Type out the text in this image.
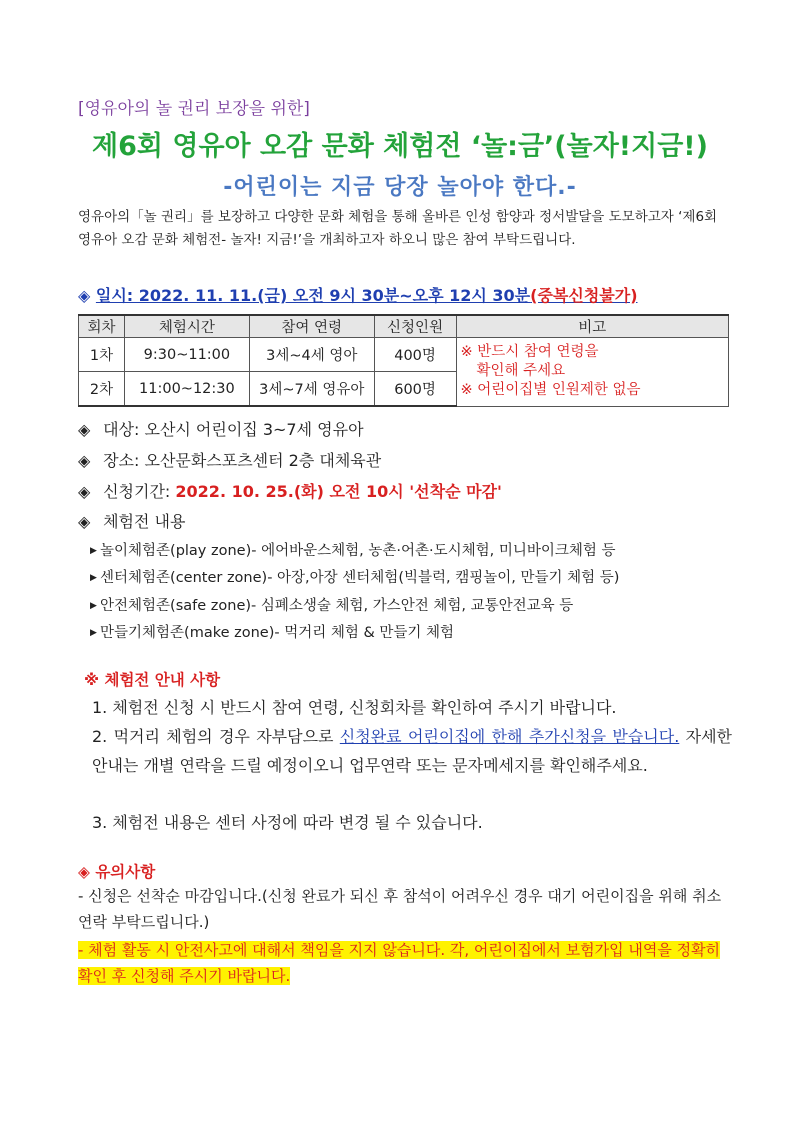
[영유아의 놀 권리 보장을 위한]
제6회 영유아 오감 문화 체험전 ‘놀:금’(놀자!지금!)
-어린이는 지금 당장 놀아야 한다.-
영유아의「놀 권리」를 보장하고 다양한 문화 체험을 통해 올바른 인성 함양과 정서발달을 도모하고자 ‘제6회 영유아 오감 문화 체험전- 놀자! 지금!’을 개최하고자 하오니 많은 참여 부탁드립니다.
◈ 일시: 2022. 11. 11.(금) 오전 9시 30분~오후 12시 30분(중복신청불가)
회차	체험시간	참여 연령	신청인원	비고
1차	9:30~11:00	3세~4세 영아	400명	※ 반드시 참여 연령을
확인해 주세요
※ 어린이집별 인원제한 없음

2차	11:00~12:30	3세~7세 영유아	600명	
◈ 대상: 오산시 어린이집 3~7세 영유아
◈ 장소: 오산문화스포츠센터 2층 대체육관
◈ 신청기간: 2022. 10. 25.(화) 오전 10시 '선착순 마감'
◈ 체험전 내용
▶ 놀이체험존(play zone)- 에어바운스체험, 농촌·어촌·도시체험, 미니바이크체험 등
▶ 센터체험존(center zone)- 아장,아장 센터체험(빅블럭, 캠핑놀이, 만들기 체험 등)
▶ 안전체험존(safe zone)- 심폐소생술 체험, 가스안전 체험, 교통안전교육 등
▶ 만들기체험존(make zone)- 먹거리 체험 & 만들기 체험
※ 체험전 안내 사항
1. 체험전 신청 시 반드시 참여 연령, 신청회차를 확인하여 주시기 바랍니다.
2. 먹거리 체험의 경우 자부담으로 신청완료 어린이집에 한해 추가신청을 받습니다. 자세한 안내는 개별 연락을 드릴 예정이오니 업무연락 또는 문자메세지를 확인해주세요.
3. 체험전 내용은 센터 사정에 따라 변경 될 수 있습니다.
◈ 유의사항
- 신청은 선착순 마감입니다.(신청 완료가 되신 후 참석이 어려우신 경우 대기 어린이집을 위해 취소 연락 부탁드립니다.)
- 체험 활동 시 안전사고에 대해서 책임을 지지 않습니다. 각, 어린이집에서 보험가입 내역을 정확히 확인 후 신청해 주시기 바랍니다.
